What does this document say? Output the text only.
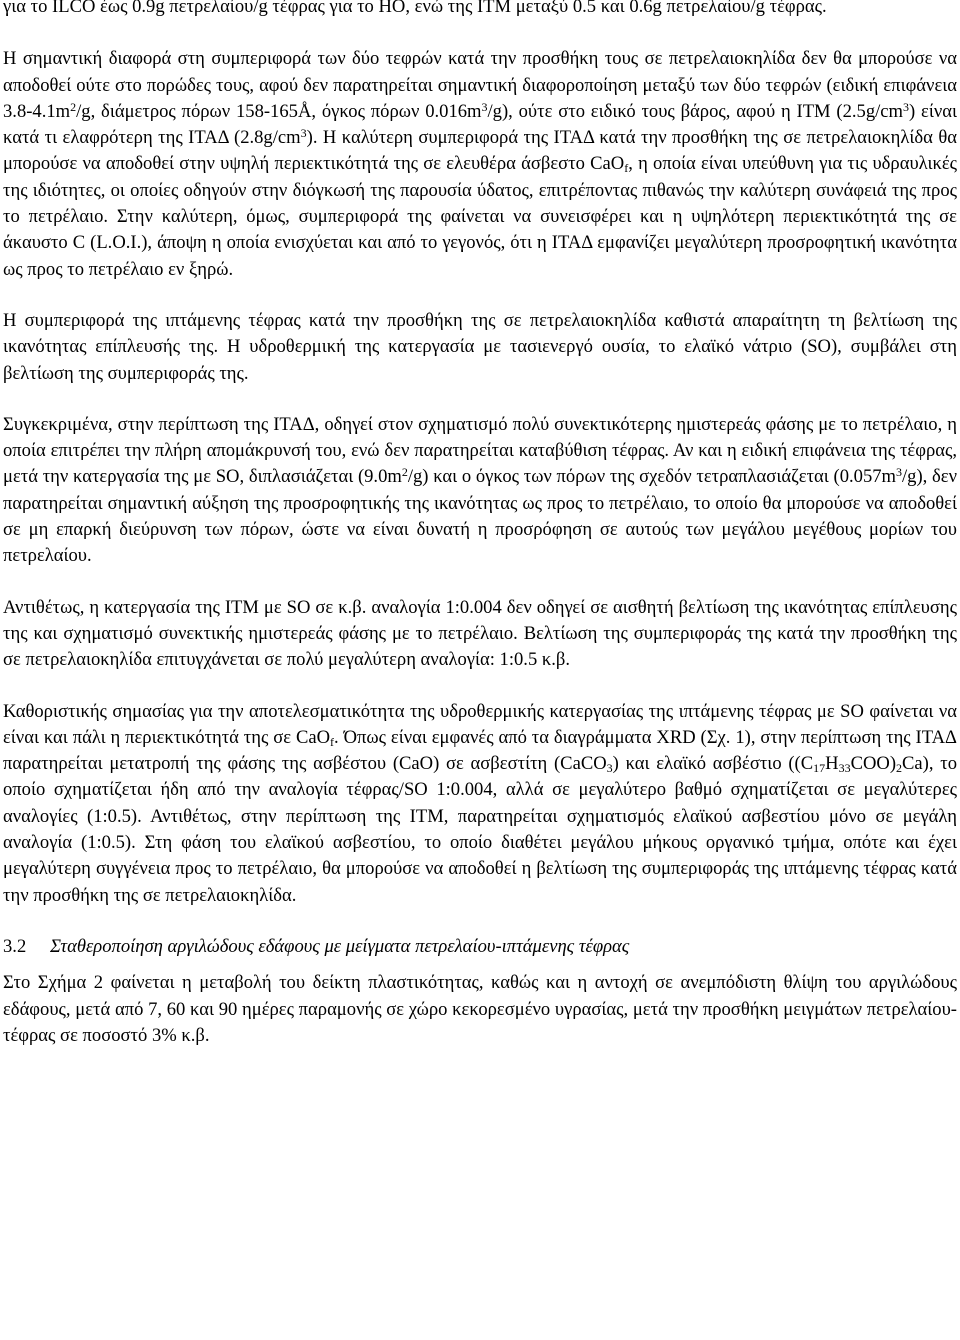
για το ILCO έως 0.9g πετρελαίου/g τέφρας για το HO, ενώ της ΙΤΜ μεταξύ 0.5 και 0.6g πετρελαίου/g τέφρας.

Η σημαντική διαφορά στη συμπεριφορά των δύο τεφρών κατά την προσθήκη τους σε πετρελαιοκηλίδα δεν θα μπορούσε να αποδοθεί ούτε στο πορώδες τους, αφού δεν παρατηρείται σημαντική διαφοροποίηση μεταξύ των δύο τεφρών (ειδική επιφάνεια $3.8-4.1m^2/g$, διάμετρος πόρων 158-165Å, όγκος πόρων $0.016m^3/g$), ούτε στο ειδικό τους βάρος, αφού η ΙΤΜ $(2.5g/cm^3)$ είναι κατά τι ελαφρότερη της ΙΤΑΔ $(2.8g/cm^3)$. Η καλύτερη συμπεριφορά της ΙΤΑΔ κατά την προσθήκη της σε πετρελαιοκηλίδα θα μπορούσε να αποδοθεί στην υψηλή περιεκτικότητά της σε ελευθέρα άσβεστο CaO$_f$, η οποία είναι υπεύθυνη για τις υδραυλικές της ιδιότητες, οι οποίες οδηγούν στην διόγκωσή της παρουσία ύδατος, επιτρέποντας πιθανώς την καλύτερη συνάφειά της προς το πετρέλαιο. Στην καλύτερη, όμως, συμπεριφορά της φαίνεται να συνεισφέρει και η υψηλότερη περιεκτικότητά της σε άκαυστο C (L.O.I.), άποψη η οποία ενισχύεται και από το γεγονός, ότι η ΙΤΑΔ εμφανίζει μεγαλύτερη προσροφητική ικανότητα ως προς το πετρέλαιο εν ξηρώ.

Η συμπεριφορά της ιπτάμενης τέφρας κατά την προσθήκη της σε πετρελαιοκηλίδα καθιστά απαραίτητη τη βελτίωση της ικανότητας επίπλευσής της. Η υδροθερμική της κατεργασία με τασιενεργό ουσία, το ελαϊκό νάτριο (SO), συμβάλει στη βελτίωση της συμπεριφοράς της.

Συγκεκριμένα, στην περίπτωση της ΙΤΑΔ, οδηγεί στον σχηματισμό πολύ συνεκτικότερης ημιστερεάς φάσης με το πετρέλαιο, η οποία επιτρέπει την πλήρη απομάκρυνσή του, ενώ δεν παρατηρείται καταβύθιση τέφρας. Αν και η ειδική επιφάνεια της τέφρας, μετά την κατεργασία της με SO, διπλασιάζεται $(9.0m^2/g)$ και ο όγκος των πόρων της σχεδόν τετραπλασιάζεται $(0.057m^3/g)$, δεν παρατηρείται σημαντική αύξηση της προσροφητικής της ικανότητας ως προς το πετρέλαιο, το οποίο θα μπορούσε να αποδοθεί σε μη επαρκή διεύρυνση των πόρων, ώστε να είναι δυνατή η προσρόφηση σε αυτούς των μεγάλου μεγέθους μορίων του πετρελαίου.

Αντιθέτως, η κατεργασία της ΙΤΜ με SO σε κ.β. αναλογία 1:0.004 δεν οδηγεί σε αισθητή βελτίωση της ικανότητας επίπλευσης της και σχηματισμό συνεκτικής ημιστερεάς φάσης με το πετρέλαιο. Βελτίωση της συμπεριφοράς της κατά την προσθήκη της σε πετρελαιοκηλίδα επιτυγχάνεται σε πολύ μεγαλύτερη αναλογία: 1:0.5 κ.β.

Καθοριστικής σημασίας για την αποτελεσματικότητα της υδροθερμικής κατεργασίας της ιπτάμενης τέφρας με SO φαίνεται να είναι και πάλι η περιεκτικότητά της σε CaO$_f$. Όπως είναι εμφανές από τα διαγράμματα XRD (Σχ. 1), στην περίπτωση της ΙΤΑΔ παρατηρείται μετατροπή της φάσης της ασβέστου (CaO) σε ασβεστίτη (CaCO$_3$) και ελαϊκό ασβέστιο $((C_{17}H_{33}COO)_2Ca)$, το οποίο σχηματίζεται ήδη από την αναλογία τέφρας/SO 1:0.004, αλλά σε μεγαλύτερο βαθμό σχηματίζεται σε μεγαλύτερες αναλογίες (1:0.5). Αντιθέτως, στην περίπτωση της ΙΤΜ, παρατηρείται σχηματισμός ελαϊκού ασβεστίου μόνο σε μεγάλη αναλογία (1:0.5). Στη φάση του ελαϊκού ασβεστίου, το οποίο διαθέτει μεγάλου μήκους οργανικό τμήμα, οπότε και έχει μεγαλύτερη συγγένεια προς το πετρέλαιο, θα μπορούσε να αποδοθεί η βελτίωση της συμπεριφοράς της ιπτάμενης τέφρας κατά την προσθήκη της σε πετρελαιοκηλίδα.

3.2 Σταθεροποίηση αργιλώδους εδάφους με μείγματα πετρελαίου-ιπτάμενης τέφρας

Στο Σχήμα 2 φαίνεται η μεταβολή του δείκτη πλαστικότητας, καθώς και η αντοχή σε ανεμπόδιστη θλίψη του αργιλώδους εδάφους, μετά από 7, 60 και 90 ημέρες παραμονής σε χώρο κεκορεσμένο υγρασίας, μετά την προσθήκη μειγμάτων πετρελαίου-τέφρας σε ποσοστό 3% κ.β.
